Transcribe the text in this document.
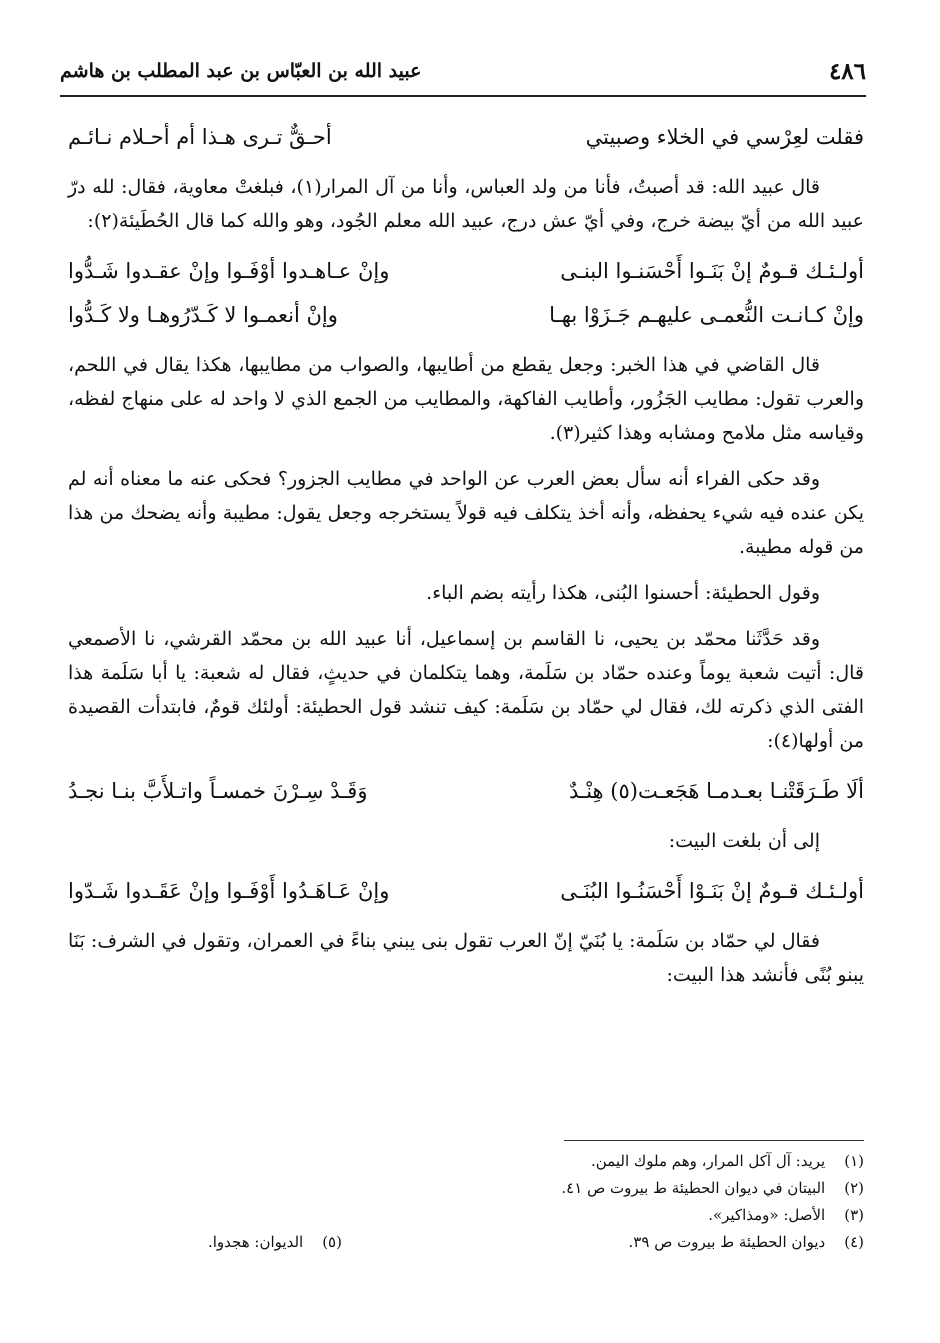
٤٨٦
عبيد الله بن العبّاس بن عبد المطلب بن هاشم
فقلت لعِرْسي في الخلاء وصبيتي
أحـقٌّ تـرى هـذا أم أحـلام نـائـم

قال عبيد الله: قد أصبتُ، فأنا من ولد العباس، وأنا من آل المرار(١)، فبلغتْ معاوية، فقال: لله درّ عبيد الله من أيّ بيضة خرج، وفي أيّ عش درج، عبيد الله معلم الجُود، وهو والله كما قال الحُطَيئة(٢):

أولـئـك قـومٌ إنْ بَنَـوا أَحْسَنـوا البنـى
وإنْ عـاهـدوا أوْفَـوا وإنْ عقـدوا شَـدُّوا
وإنْ كـانـت النُّعمـى عليهـم جَـزَوْا بهـا
وإنْ أنعمـوا لا كَـدّرُوهـا ولا كَـدُّوا

قال القاضي في هذا الخبر: وجعل يقطع من أطايبها، والصواب من مطايبها، هكذا يقال في اللحم، والعرب تقول: مطايب الجَزُور، وأطايب الفاكهة، والمطايب من الجمع الذي لا واحد له على منهاج لفظه، وقياسه مثل ملامح ومشابه وهذا كثير(٣).

وقد حكى الفراء أنه سأل بعض العرب عن الواحد في مطايب الجزور؟ فحكى عنه ما معناه أنه لم يكن عنده فيه شيء يحفظه، وأنه أخذ يتكلف فيه قولاً يستخرجه وجعل يقول: مطيبة وأنه يضحك من هذا من قوله مطيبة.

وقول الحطيئة: أحسنوا البُنى، هكذا رأيته بضم الباء.

وقد حَدَّثَنا محمّد بن يحيى، نا القاسم بن إسماعيل، أنا عبيد الله بن محمّد القرشي، نا الأصمعي قال: أتيت شعبة يوماً وعنده حمّاد بن سَلَمة، وهما يتكلمان في حديثٍ، فقال له شعبة: يا أبا سَلَمة هذا الفتى الذي ذكرته لك، فقال لي حمّاد بن سَلَمة: كيف تنشد قول الحطيئة: أولئك قومٌ، فابتدأت القصيدة من أولها(٤):

ألَا طَـرَقَتْنـا بعـدمـا هَجَعـت(٥) هِنْـدٌ
وَقَـدْ سِـرْنَ خمسـاً واتـلأَبَّ بنـا نجـدُ

إلى أن بلغت البيت:

أولـئـك قـومٌ إنْ بَنَـوْا أَحْسَنُـوا البُنَـى
وإنْ عَـاهَـدُوا أَوْفَـوا وإنْ عَقَـدوا شَـدّوا

فقال لي حمّاد بن سَلَمة: يا بُنَيّ إنّ العرب تقول بنى يبني بناءً في العمران، وتقول في الشرف: بَنَا يبنو بُنًى فأنشد هذا البيت:

(١) يريد: آل آكل المرار، وهم ملوك اليمن.
(٢) البيتان في ديوان الحطيئة ط بيروت ص ٤١.
(٣) الأصل: «ومذاكير».
(٤) ديوان الحطيئة ط بيروت ص ٣٩.
(٥) الديوان: هجدوا.
